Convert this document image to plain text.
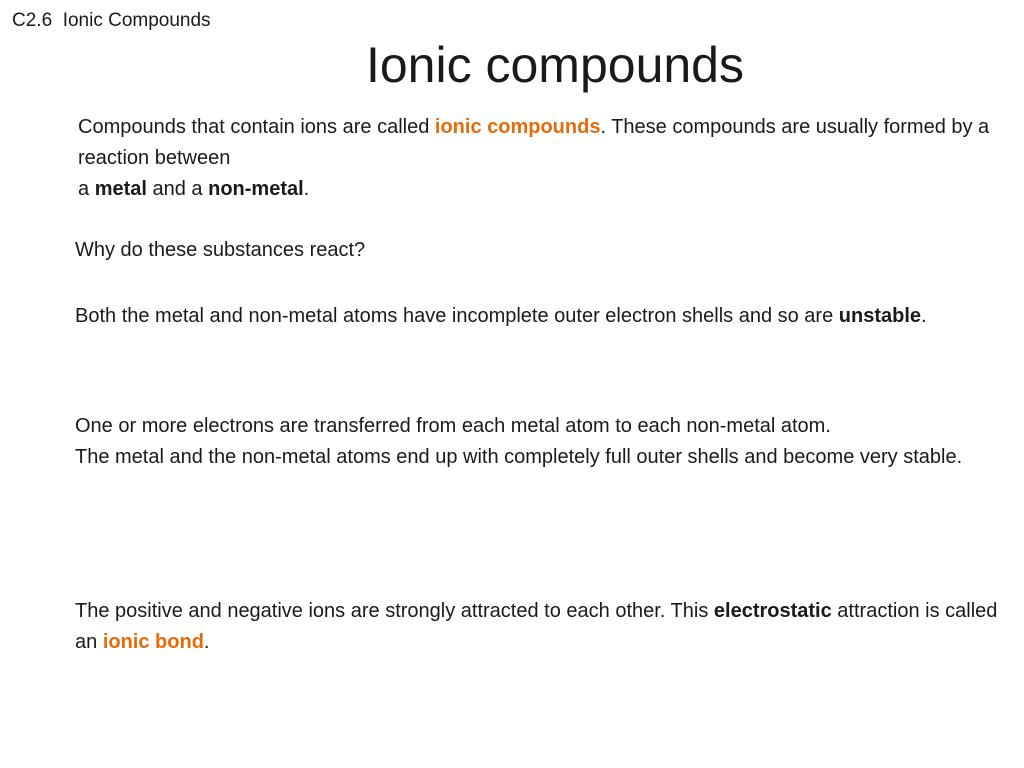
C2.6  Ionic Compounds
Ionic compounds

Compounds that contain ions are called ionic compounds. These compounds are usually formed by a reaction between
a metal and a non-metal.

Why do these substances react?

Both the metal and non-metal atoms have incomplete outer electron shells and so are unstable.

One or more electrons are transferred from each metal atom to each non-metal atom.
The metal and the non-metal atoms end up with completely full outer shells and become very stable.

The positive and negative ions are strongly attracted to each other. This electrostatic attraction is called an ionic bond.
